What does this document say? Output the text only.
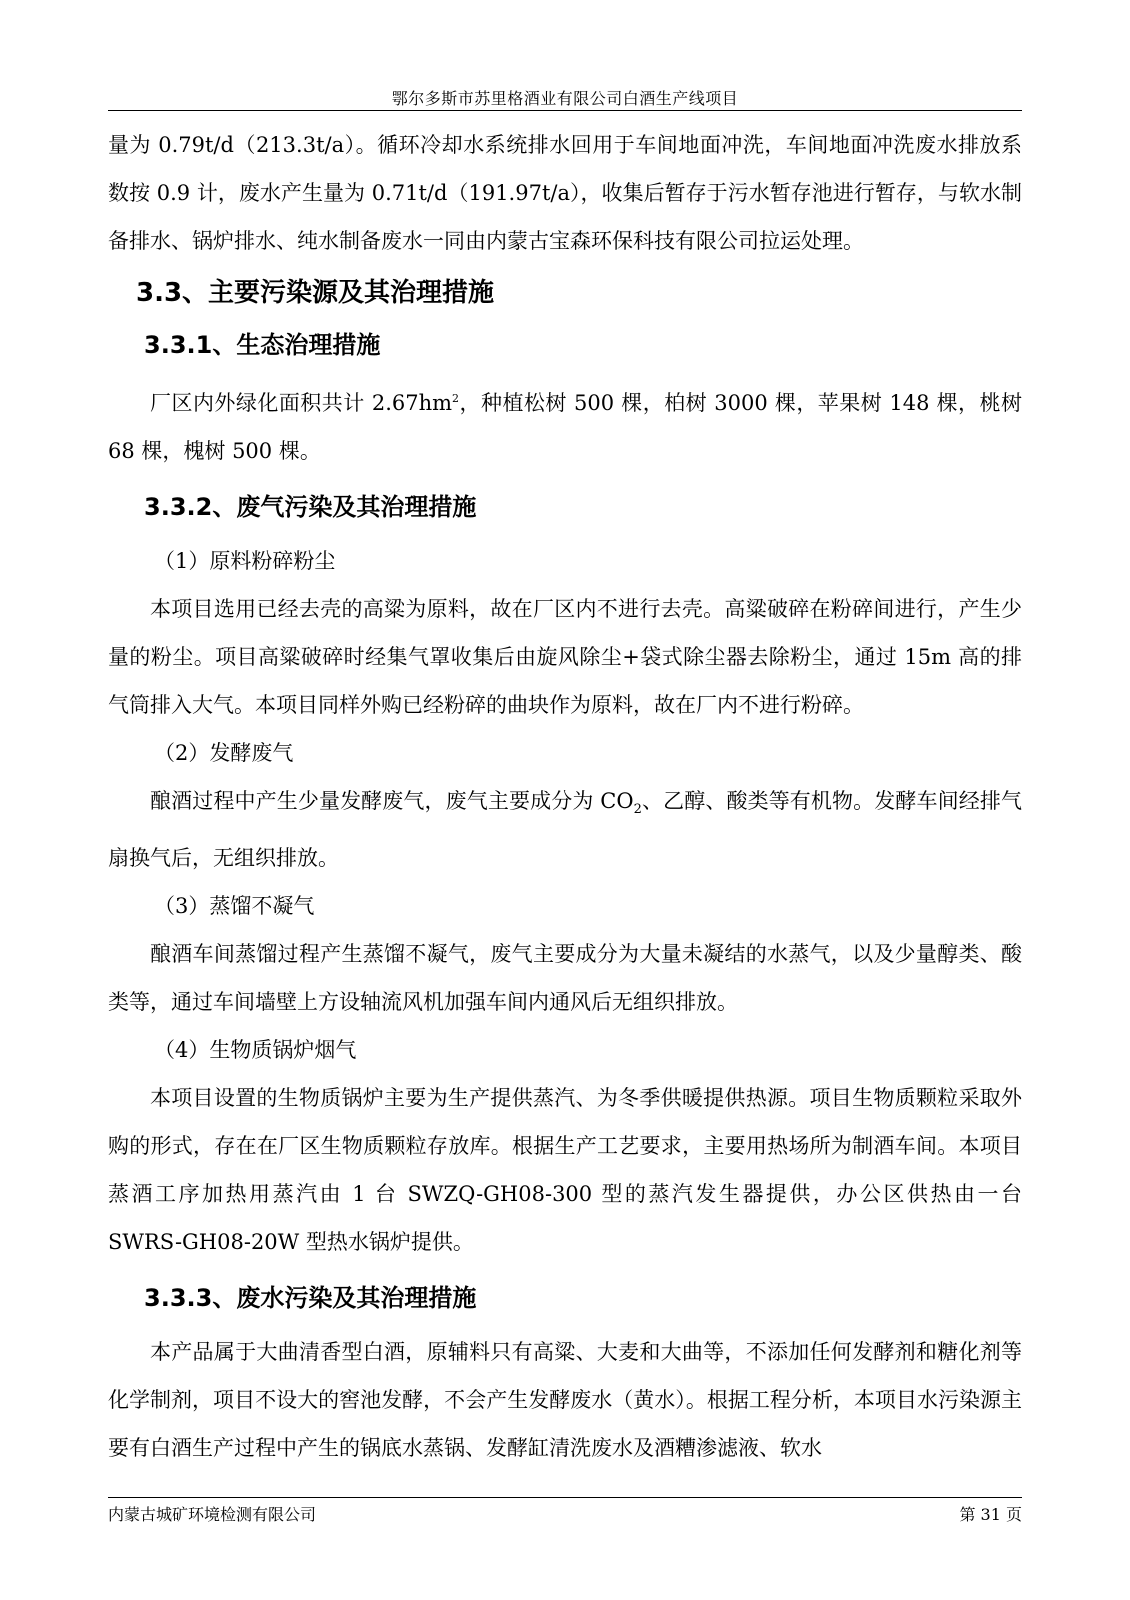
鄂尔多斯市苏里格酒业有限公司白酒生产线项目

量为 0.79t/d（213.3t/a）。循环冷却水系统排水回用于车间地面冲洗，车间地面冲洗废水排放系数按 0.9 计，废水产生量为 0.71t/d（191.97t/a），收集后暂存于污水暂存池进行暂存，与软水制备排水、锅炉排水、纯水制备废水一同由内蒙古宝森环保科技有限公司拉运处理。

3.3、主要污染源及其治理措施
3.3.1、生态治理措施

厂区内外绿化面积共计 $2.67hm^2$，种植松树 500 棵，柏树 3000 棵，苹果树 148 棵，桃树 68 棵，槐树 500 棵。

3.3.2、废气污染及其治理措施

（1）原料粉碎粉尘

本项目选用已经去壳的高粱为原料，故在厂区内不进行去壳。高粱破碎在粉碎间进行，产生少量的粉尘。项目高粱破碎时经集气罩收集后由旋风除尘+袋式除尘器去除粉尘，通过 15m 高的排气筒排入大气。本项目同样外购已经粉碎的曲块作为原料，故在厂内不进行粉碎。

（2）发酵废气

酿酒过程中产生少量发酵废气，废气主要成分为 $CO_2$、乙醇、酸类等有机物。发酵车间经排气扇换气后，无组织排放。

（3）蒸馏不凝气

酿酒车间蒸馏过程产生蒸馏不凝气，废气主要成分为大量未凝结的水蒸气，以及少量醇类、酸类等，通过车间墙壁上方设轴流风机加强车间内通风后无组织排放。

（4）生物质锅炉烟气

本项目设置的生物质锅炉主要为生产提供蒸汽、为冬季供暖提供热源。项目生物质颗粒采取外购的形式，存在在厂区生物质颗粒存放库。根据生产工艺要求，主要用热场所为制酒车间。本项目蒸酒工序加热用蒸汽由 1 台 SWZQ-GH08-300 型的蒸汽发生器提供，办公区供热由一台 SWRS-GH08-20W 型热水锅炉提供。

3.3.3、废水污染及其治理措施

本产品属于大曲清香型白酒，原辅料只有高粱、大麦和大曲等，不添加任何发酵剂和糖化剂等化学制剂，项目不设大的窖池发酵，不会产生发酵废水（黄水）。根据工程分析，本项目水污染源主要有白酒生产过程中产生的锅底水蒸锅、发酵缸清洗废水及酒糟渗滤液、软水

内蒙古城矿环境检测有限公司	第 31 页
